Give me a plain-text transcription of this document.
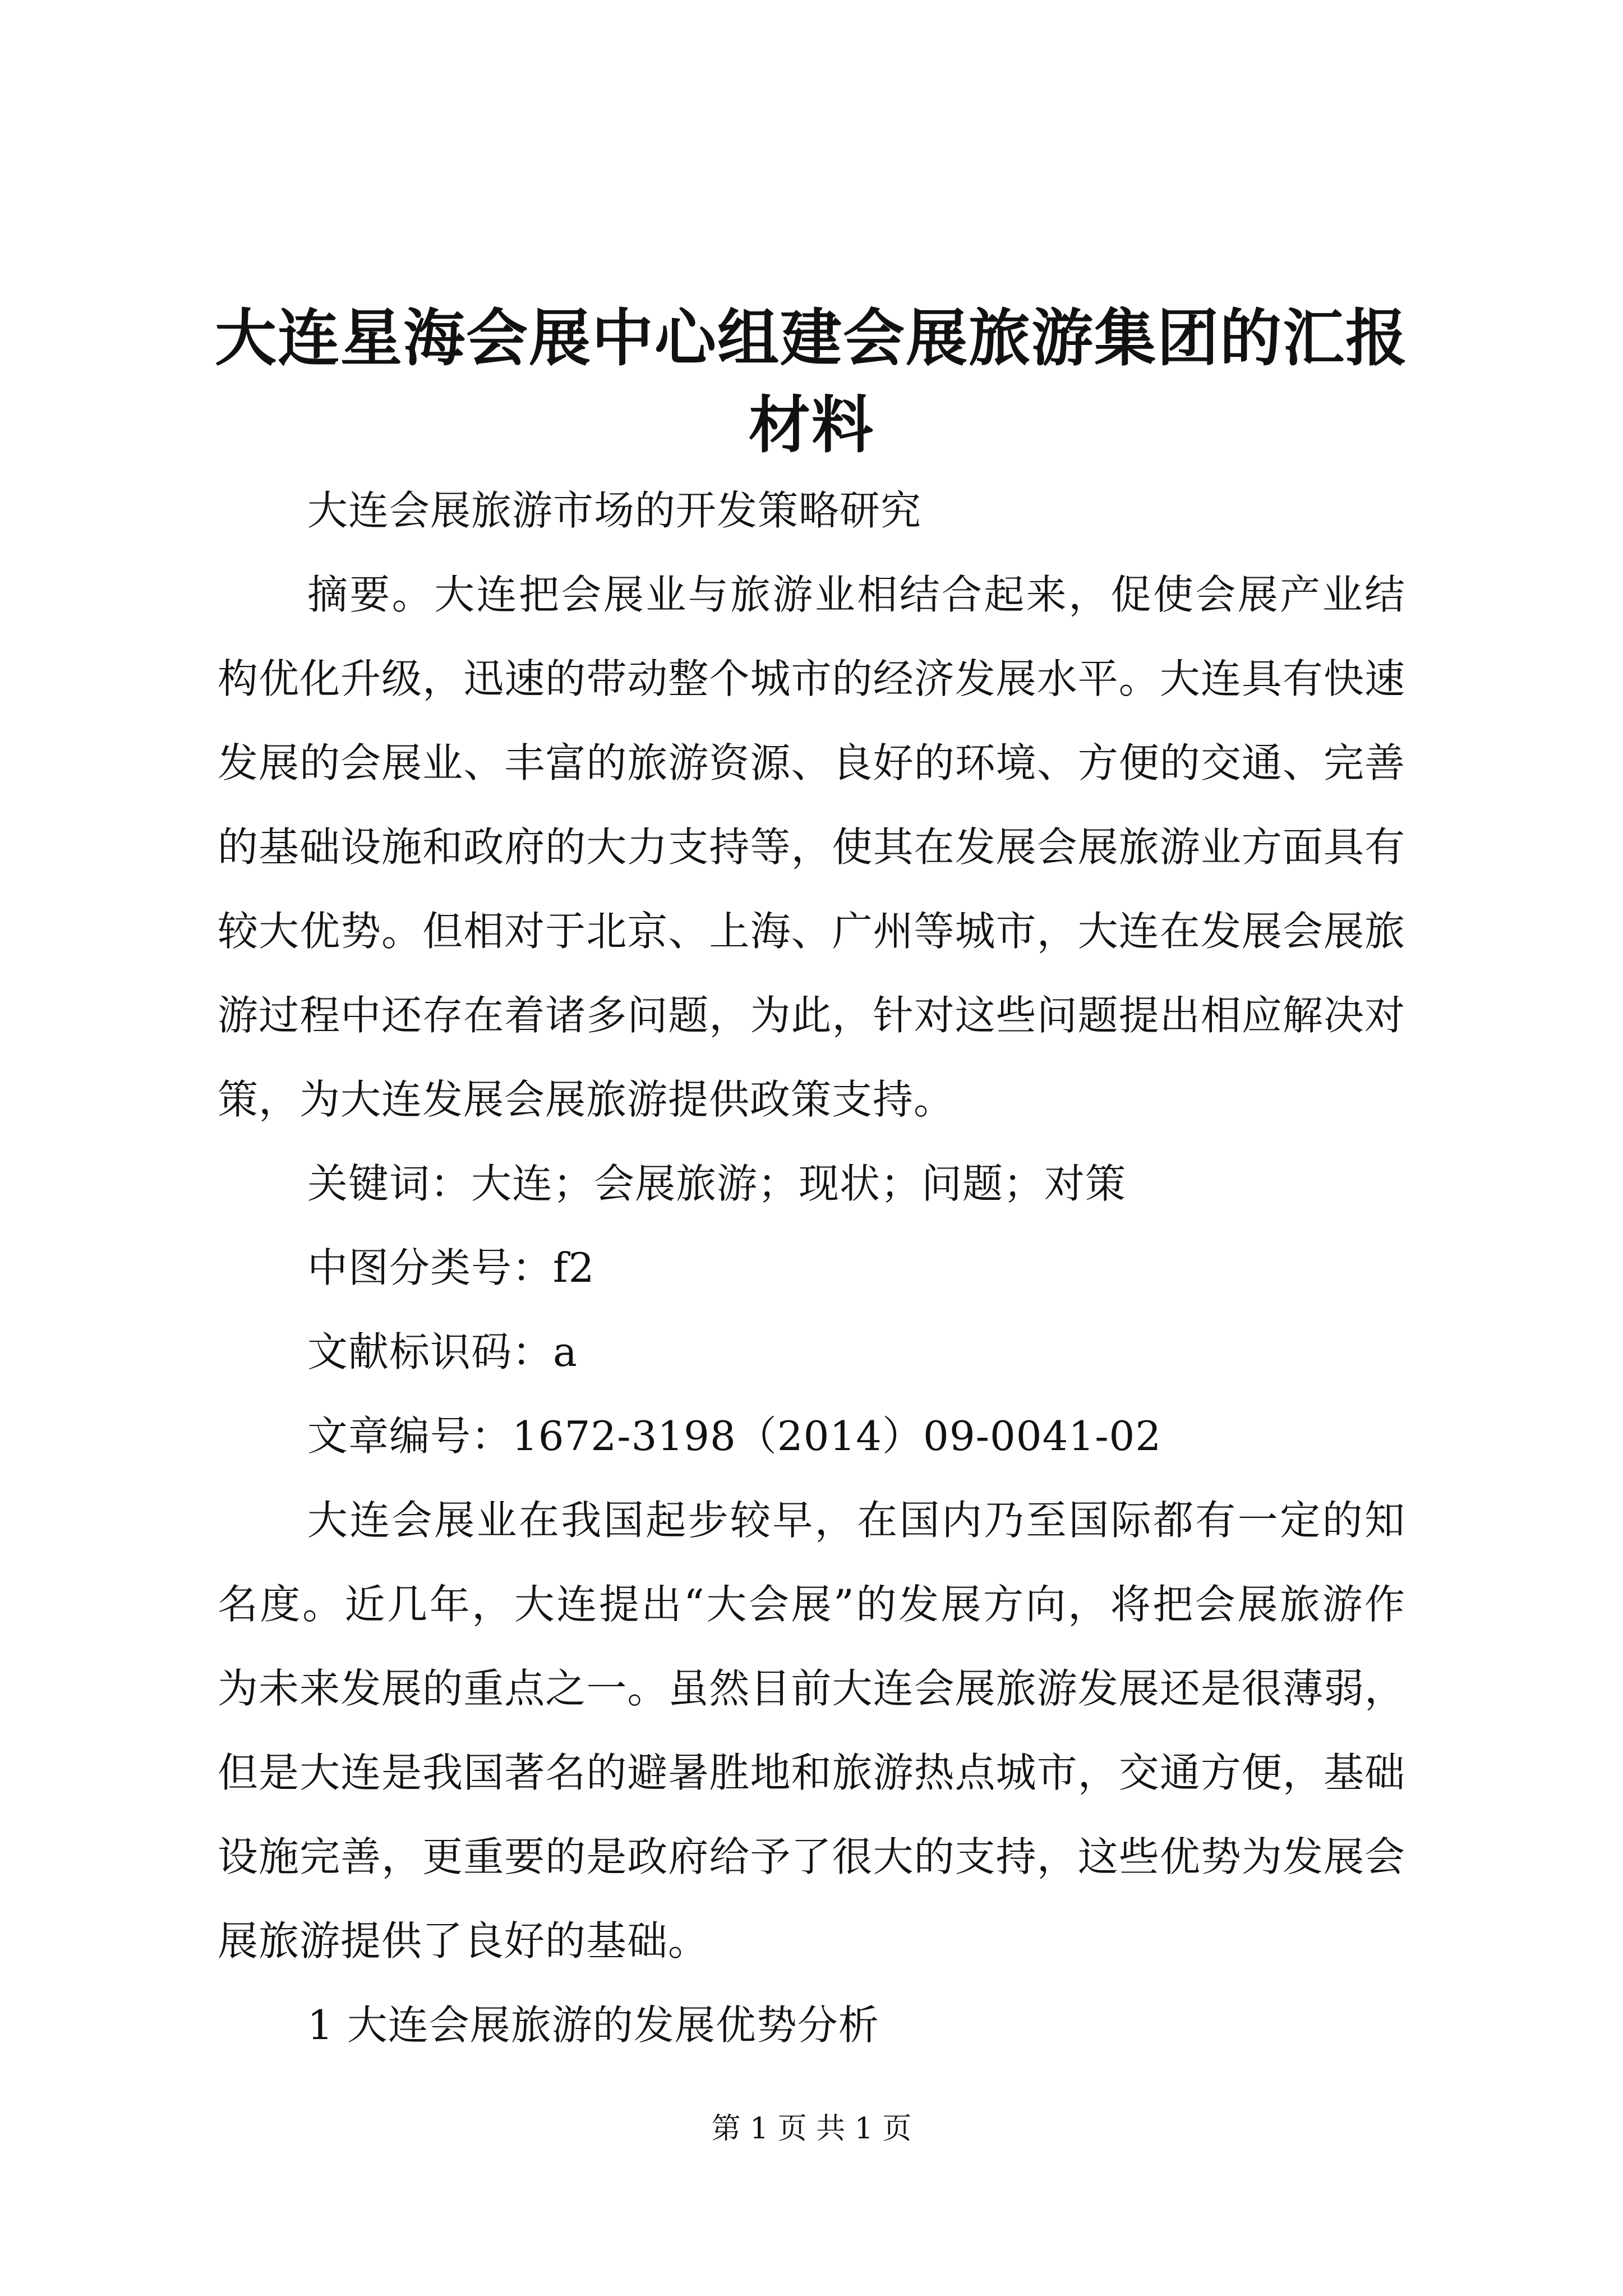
大连星海会展中心组建会展旅游集团的汇报材料

大连会展旅游市场的开发策略研究

摘要。大连把会展业与旅游业相结合起来，促使会展产业结构优化升级，迅速的带动整个城市的经济发展水平。大连具有快速发展的会展业、丰富的旅游资源、良好的环境、方便的交通、完善的基础设施和政府的大力支持等，使其在发展会展旅游业方面具有较大优势。但相对于北京、上海、广州等城市，大连在发展会展旅游过程中还存在着诸多问题，为此，针对这些问题提出相应解决对策，为大连发展会展旅游提供政策支持。

关键词：大连；会展旅游；现状；问题；对策

中图分类号：f2

文献标识码：a

文章编号：1672-3198（2014）09-0041-02

大连会展业在我国起步较早，在国内乃至国际都有一定的知名度。近几年，大连提出“大会展”的发展方向，将把会展旅游作为未来发展的重点之一。虽然目前大连会展旅游发展还是很薄弱，但是大连是我国著名的避暑胜地和旅游热点城市，交通方便，基础设施完善，更重要的是政府给予了很大的支持，这些优势为发展会展旅游提供了良好的基础。

1 大连会展旅游的发展优势分析

第 1 页 共 1 页
